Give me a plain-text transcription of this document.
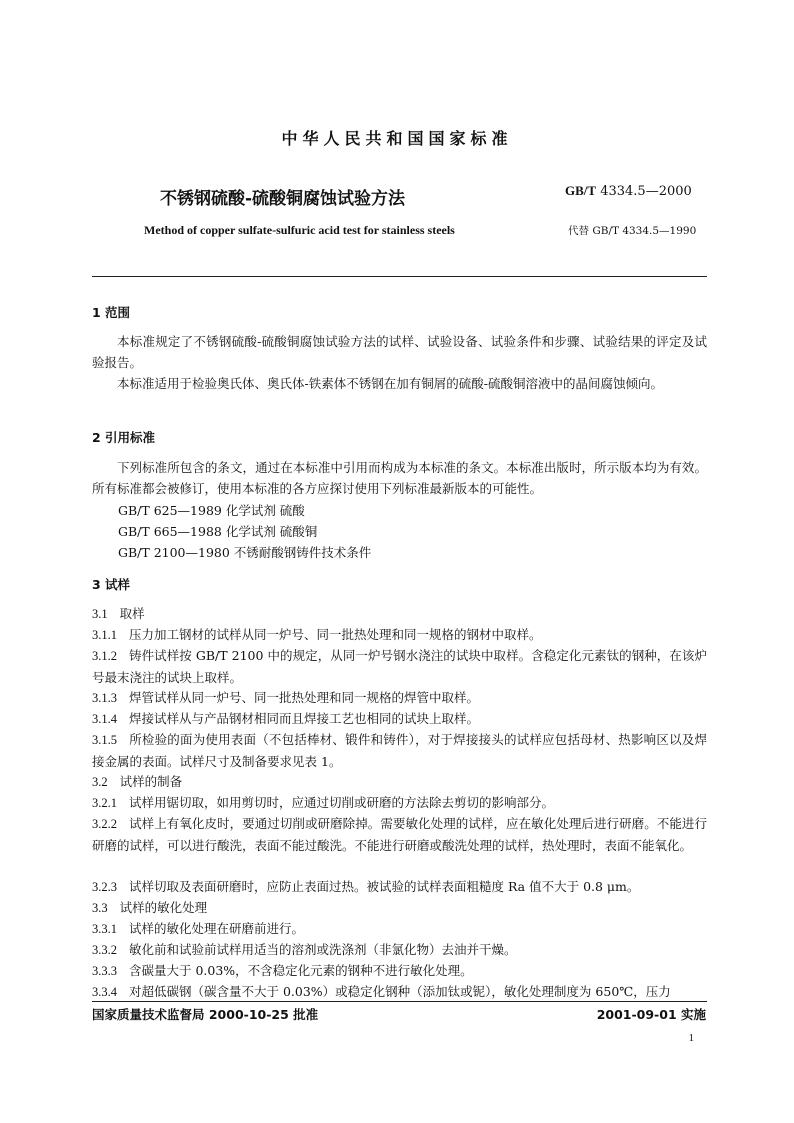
中华人民共和国国家标准
不锈钢硫酸-硫酸铜腐蚀试验方法	GB/T 4334.5—2000
Method of copper sulfate-sulfuric acid test for stainless steels	代替 GB/T 4334.5—1990
1 范围
本标准规定了不锈钢硫酸-硫酸铜腐蚀试验方法的试样、试验设备、试验条件和步骤、试验结果的评定及试验报告。
本标准适用于检验奥氏体、奥氏体-铁素体不锈钢在加有铜屑的硫酸-硫酸铜溶液中的晶间腐蚀倾向。
2 引用标准
下列标准所包含的条文，通过在本标准中引用而构成为本标准的条文。本标准出版时，所示版本均为有效。所有标准都会被修订，使用本标准的各方应探讨使用下列标准最新版本的可能性。
GB/T 625—1989 化学试剂 硫酸
GB/T 665—1988 化学试剂 硫酸铜
GB/T 2100—1980 不锈耐酸钢铸件技术条件
3 试样
3.1 取样
3.1.1 压力加工钢材的试样从同一炉号、同一批热处理和同一规格的钢材中取样。
3.1.2 铸件试样按 GB/T 2100 中的规定，从同一炉号钢水浇注的试块中取样。含稳定化元素钛的钢种，在该炉号最末浇注的试块上取样。
3.1.3 焊管试样从同一炉号、同一批热处理和同一规格的焊管中取样。
3.1.4 焊接试样从与产品钢材相同而且焊接工艺也相同的试块上取样。
3.1.5 所检验的面为使用表面（不包括棒材、锻件和铸件），对于焊接接头的试样应包括母材、热影响区以及焊接金属的表面。试样尺寸及制备要求见表 1。
3.2 试样的制备
3.2.1 试样用锯切取，如用剪切时，应通过切削或研磨的方法除去剪切的影响部分。
3.2.2 试样上有氧化皮时，要通过切削或研磨除掉。需要敏化处理的试样，应在敏化处理后进行研磨。不能进行研磨的试样，可以进行酸洗，表面不能过酸洗。不能进行研磨或酸洗处理的试样，热处理时，表面不能氧化。
3.2.3 试样切取及表面研磨时，应防止表面过热。被试验的试样表面粗糙度 Ra 值不大于 0.8 μm。
3.3 试样的敏化处理
3.3.1 试样的敏化处理在研磨前进行。
3.3.2 敏化前和试验前试样用适当的溶剂或洗涤剂（非氯化物）去油并干燥。
3.3.3 含碳量大于 0.03%，不含稳定化元素的钢种不进行敏化处理。
3.3.4 对超低碳钢（碳含量不大于 0.03%）或稳定化钢种（添加钛或铌），敏化处理制度为 650℃，压力
国家质量技术监督局 2000-10-25 批准	2001-09-01 实施
1
